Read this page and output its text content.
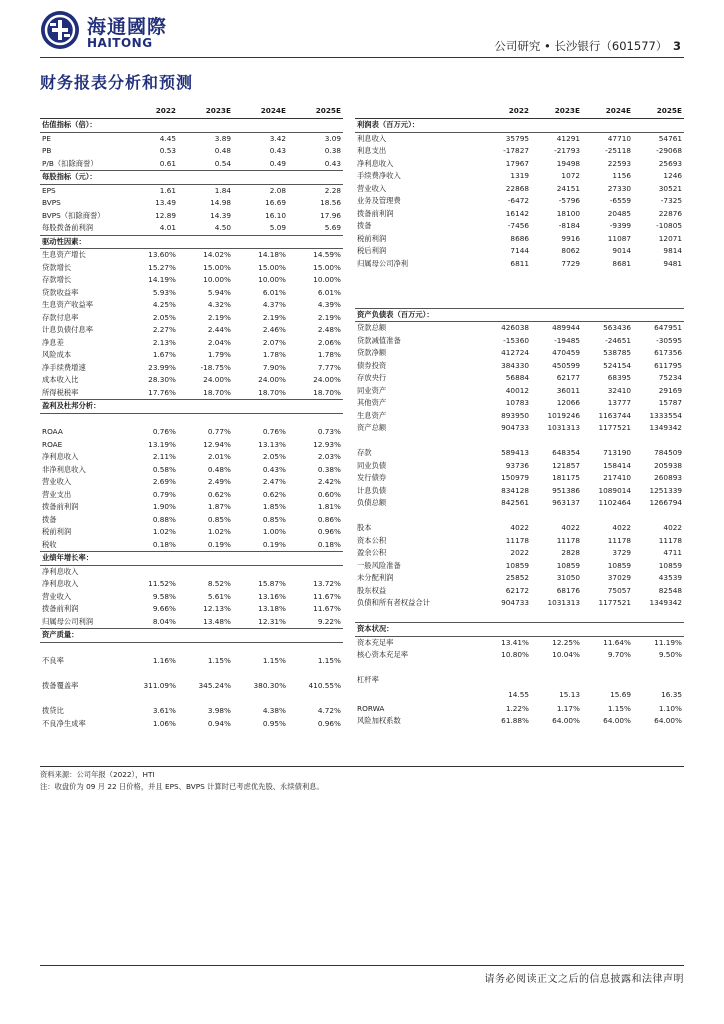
海通國際
HAITONG	公司研究 • 长沙银行（601577） 3
财务报表分析和预测
	2022	2023E	2024E	2025E
估值指标（倍）：				
PE	4.45	3.89	3.42	3.09
PB	0.53	0.48	0.43	0.38
P/B（扣除商誉）	0.61	0.54	0.49	0.43
每股指标（元）：				
EPS	1.61	1.84	2.08	2.28
BVPS	13.49	14.98	16.69	18.56
BVPS（扣除商誉）	12.89	14.39	16.10	17.96
每股拨备前利润	4.01	4.50	5.09	5.69
驱动性因素：				
生息资产增长	13.60%	14.02%	14.18%	14.59%
贷款增长	15.27%	15.00%	15.00%	15.00%
存款增长	14.19%	10.00%	10.00%	10.00%
贷款收益率	5.93%	5.94%	6.01%	6.01%
生息资产收益率	4.25%	4.32%	4.37%	4.39%
存款付息率	2.05%	2.19%	2.19%	2.19%
计息负债付息率	2.27%	2.44%	2.46%	2.48%
净息差	2.13%	2.04%	2.07%	2.06%
风险成本	1.67%	1.79%	1.78%	1.78%
净手续费增速	23.99%	-18.75%	7.90%	7.77%
成本收入比	28.30%	24.00%	24.00%	24.00%
所得税税率	17.76%	18.70%	18.70%	18.70%
盈利及杜邦分析：				

ROAA	0.76%	0.77%	0.76%	0.73%
ROAE	13.19%	12.94%	13.13%	12.93%
净利息收入	2.11%	2.01%	2.05%	2.03%
非净利息收入	0.58%	0.48%	0.43%	0.38%
营业收入	2.69%	2.49%	2.47%	2.42%
营业支出	0.79%	0.62%	0.62%	0.60%
拨备前利润	1.90%	1.87%	1.85%	1.81%
拨备	0.88%	0.85%	0.85%	0.86%
税前利润	1.02%	1.02%	1.00%	0.96%
税收	0.18%	0.19%	0.19%	0.18%
业绩年增长率：				
净利息收入				
净利息收入	11.52%	8.52%	15.87%	13.72%
营业收入	9.58%	5.61%	13.16%	11.67%
拨备前利润	9.66%	12.13%	13.18%	11.67%
归属母公司利润	8.04%	13.48%	12.31%	9.22%
资产质量：				

不良率	1.16%	1.15%	1.15%	1.15%

拨备覆盖率	311.09%	345.24%	380.30%	410.55%

拨贷比	3.61%	3.98%	4.38%	4.72%
不良净生成率	1.06%	0.94%	0.95%	0.96%
	2022	2023E	2024E	2025E
利润表（百万元）：				
利息收入	35795	41291	47710	54761
利息支出	-17827	-21793	-25118	-29068
净利息收入	17967	19498	22593	25693
手续费净收入	1319	1072	1156	1246
营业收入	22868	24151	27330	30521
业务及管理费	-6472	-5796	-6559	-7325
拨备前利润	16142	18100	20485	22876
拨备	-7456	-8184	-9399	-10805
税前利润	8686	9916	11087	12071
税后利润	7144	8062	9014	9814
归属母公司净利	6811	7729	8681	9481

资产负债表（百万元）：				
贷款总额	426038	489944	563436	647951
贷款减值准备	-15360	-19485	-24651	-30595
贷款净额	412724	470459	538785	617356
债券投资	384330	450599	524154	611795
存放央行	56884	62177	68395	75234
同业资产	40012	36011	32410	29169
其他资产	10783	12066	13777	15787
生息资产	893950	1019246	1163744	1333554
资产总额	904733	1031313	1177521	1349342

存款	589413	648354	713190	784509
同业负债	93736	121857	158414	205938
发行债券	150979	181175	217410	260893
计息负债	834128	951386	1089014	1251339
负债总额	842561	963137	1102464	1266794

股本	4022	4022	4022	4022
资本公积	11178	11178	11178	11178
盈余公积	2022	2828	3729	4711
一般风险准备	10859	10859	10859	10859
未分配利润	25852	31050	37029	43539
股东权益	62172	68176	75057	82548
负债和所有者权益合计	904733	1031313	1177521	1349342

资本状况：				
资本充足率	13.41%	12.25%	11.64%	11.19%
核心资本充足率	10.80%	10.04%	9.70%	9.50%

杠杆率				
	14.55	15.13	15.69	16.35
RORWA	1.22%	1.17%	1.15%	1.10%
风险加权系数	61.88%	64.00%	64.00%	64.00%
资料来源：公司年报（2022），HTI
注：收盘价为 09 月 22 日价格，并且 EPS、BVPS 计算时已考虑优先股、永续债利息。
请务必阅读正文之后的信息披露和法律声明
